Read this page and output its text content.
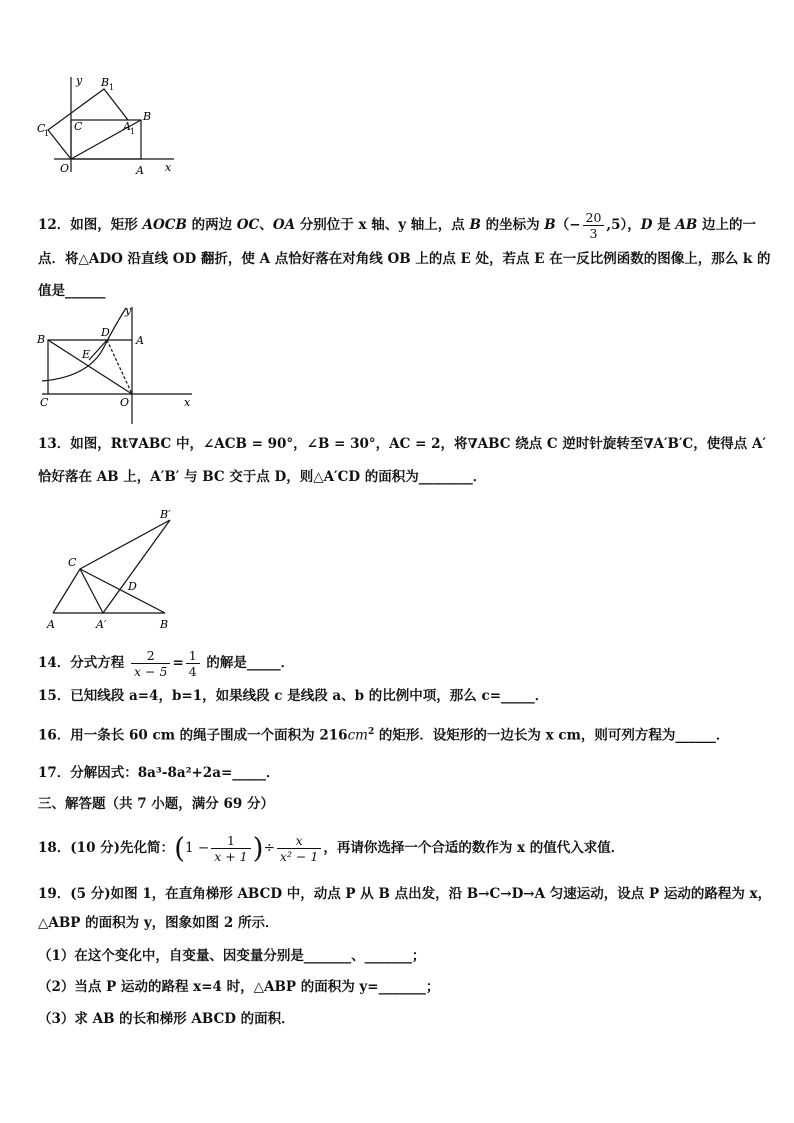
y B 1
C
1
C	A 1
B
O	A x
12．如图，矩形 AOCB 的两边 OC、OA 分别位于 x 轴、y 轴上，点 B 的坐标为 $B(- \frac{20}{3} ,5)$，D 是 AB 边上的一
点．将△ADO 沿直线 OD 翻折，使 A 点恰好落在对角线 OB 上的点 E 处，若点 E 在一反比例函数的图像上，那么 k 的
值是______
B
D
y
A
E
C	O	x
13．如图，Rt∇ABC 中，∠ACB = 90°，∠B = 30°，AC = 2，将∇ABC 绕点 C 逆时针旋转至∇A′B′C，使得点 A′
恰好落在 AB 上，A′B′ 与 BC 交于点 D，则△A′CD 的面积为________．
B′
C
D
A	A′	B
14．分式方程 $\frac{2}{x - 5} = \frac{1}{4}$ 的解是_____．
15．已知线段 a=4，b=1，如果线段 c 是线段 a、b 的比例中项，那么 c=_____．
16．用一条长 60 cm 的绳子围成一个面积为 $216cm^2$ 的矩形．设矩形的一边长为 x cm，则可列方程为______．
17．分解因式：8a³-8a²+2a=_____．
三、解答题（共 7 小题，满分 69 分）
18．(10 分)先化简：($1 - \frac{1}{x + 1}$ )÷ $\frac{x}{\text{x² − 1}}$ ，再请你选择一个合适的数作为 x 的值代入求值．
19．(5 分)如图 1，在直角梯形 ABCD 中，动点 P 从 B 点出发，沿 B→C→D→A 匀速运动，设点 P 运动的路程为 x，
△ABP 的面积为 y，图象如图 2 所示．
（1）在这个变化中，自变量、因变量分别是_______、_______；
（2）当点 P 运动的路程 x=4 时，△ABP 的面积为 y=_______；
（3）求 AB 的长和梯形 ABCD 的面积．
